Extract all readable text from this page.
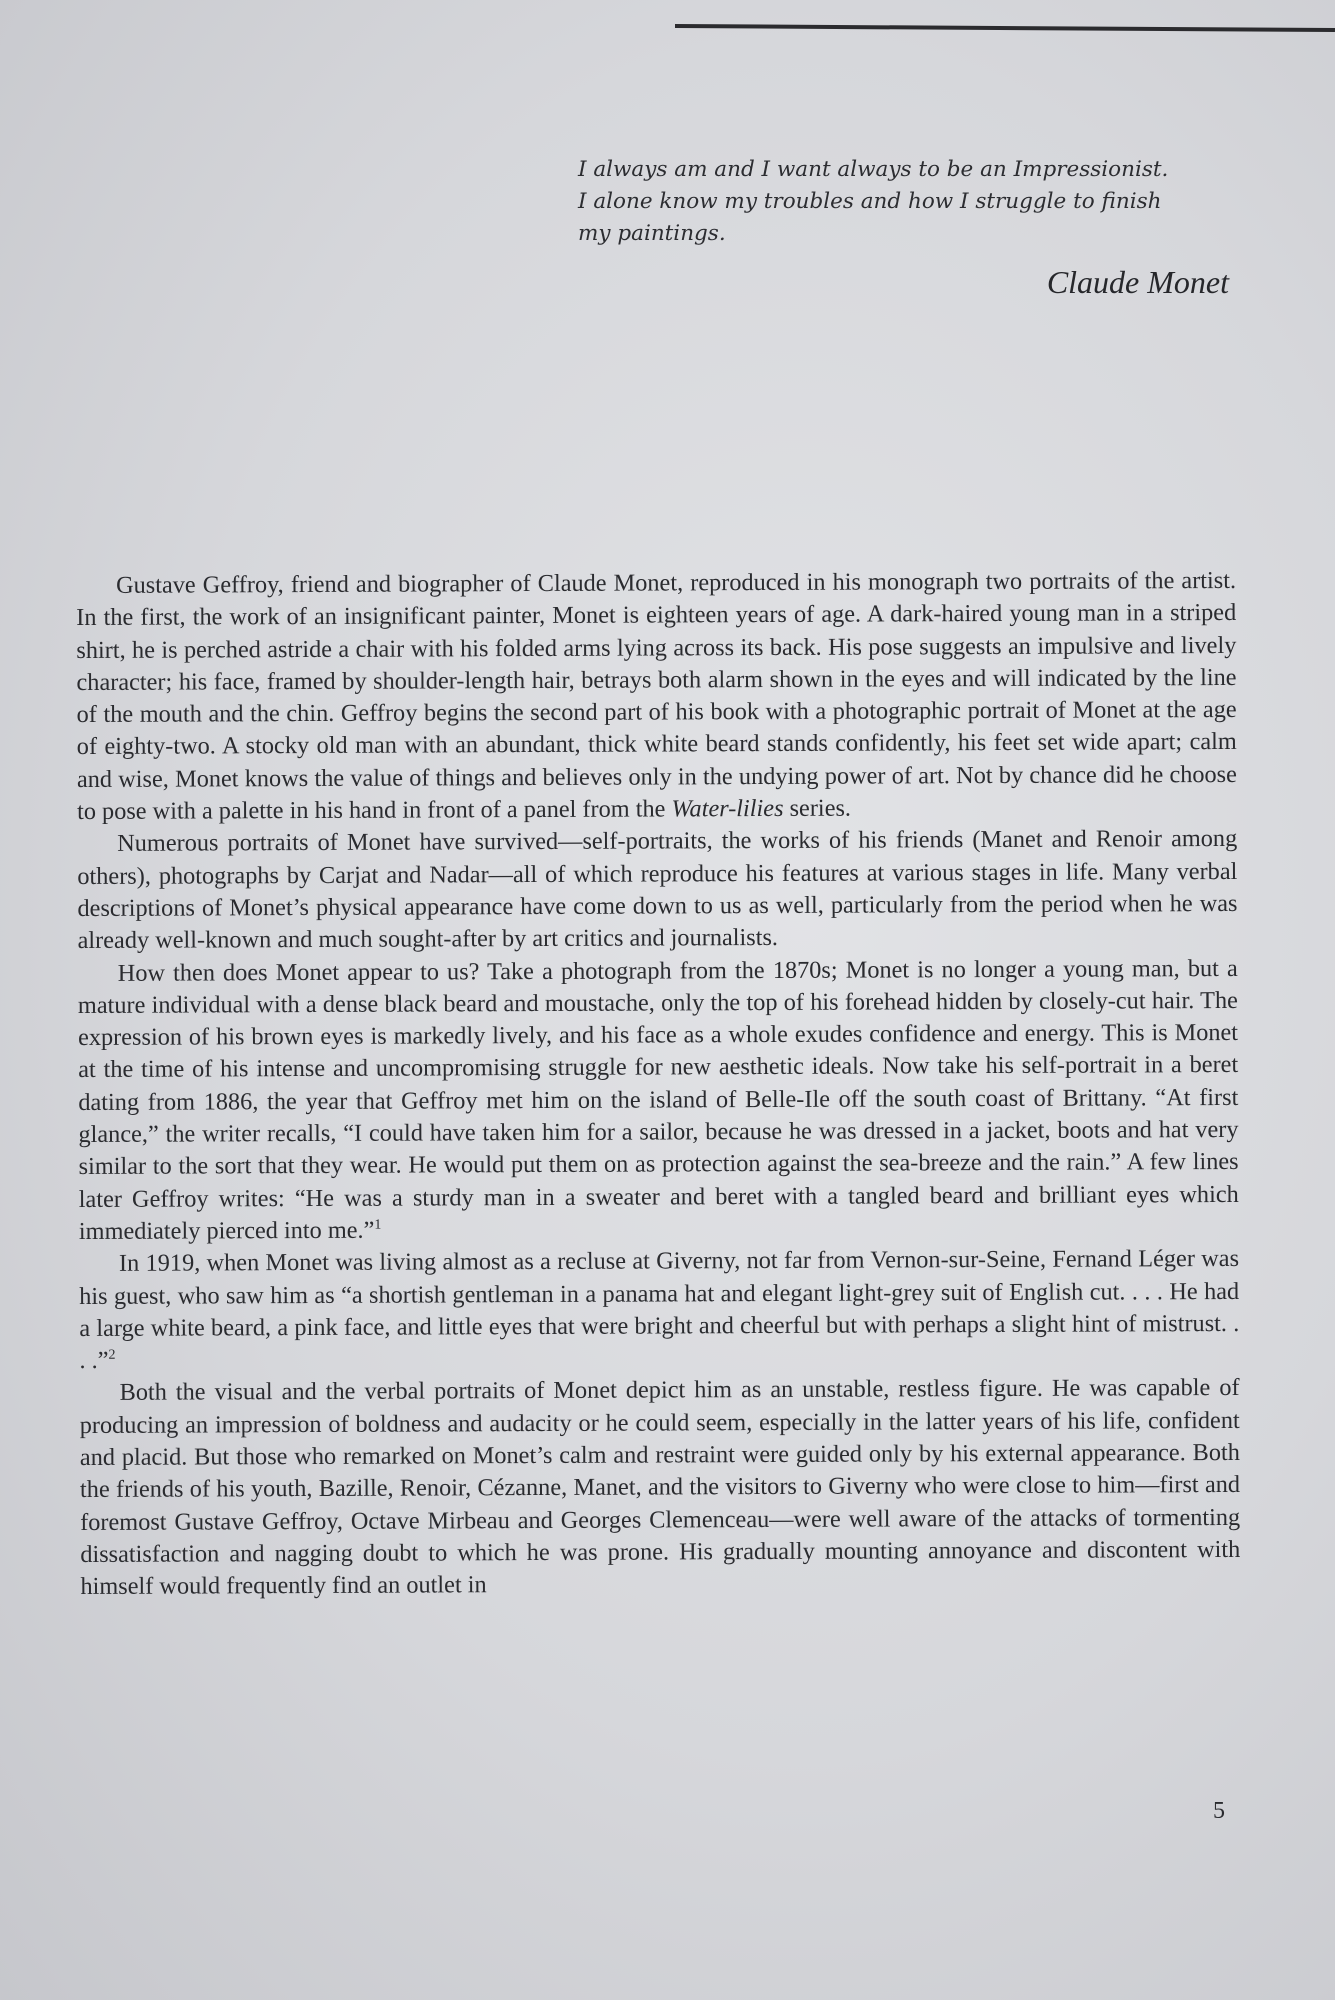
I always am and I want always to be an Impressionist.
I alone know my troubles and how I struggle to finish
my paintings.
Claude Monet

Gustave Geffroy, friend and biographer of Claude Monet, reproduced in his monograph two portraits of the artist. In the first, the work of an insignificant painter, Monet is eighteen years of age. A dark-haired young man in a striped shirt, he is perched astride a chair with his folded arms lying across its back. His pose suggests an impulsive and lively character; his face, framed by shoulder-length hair, betrays both alarm shown in the eyes and will indicated by the line of the mouth and the chin. Geffroy begins the second part of his book with a photographic portrait of Monet at the age of eighty-two. A stocky old man with an abundant, thick white beard stands confidently, his feet set wide apart; calm and wise, Monet knows the value of things and believes only in the undying power of art. Not by chance did he choose to pose with a palette in his hand in front of a panel from the Water-lilies series.

Numerous portraits of Monet have survived—self-portraits, the works of his friends (Manet and Renoir among others), photographs by Carjat and Nadar—all of which reproduce his features at various stages in life. Many verbal descriptions of Monet’s physical appearance have come down to us as well, particularly from the period when he was already well-known and much sought-after by art critics and journalists.

How then does Monet appear to us? Take a photograph from the 1870s; Monet is no longer a young man, but a mature individual with a dense black beard and moustache, only the top of his forehead hidden by closely-cut hair. The expression of his brown eyes is markedly lively, and his face as a whole exudes confidence and energy. This is Monet at the time of his intense and uncompromising struggle for new aesthetic ideals. Now take his self-portrait in a beret dating from 1886, the year that Geffroy met him on the island of Belle-Ile off the south coast of Brittany. “At first glance,” the writer recalls, “I could have taken him for a sailor, because he was dressed in a jacket, boots and hat very similar to the sort that they wear. He would put them on as protection against the sea-breeze and the rain.” A few lines later Geffroy writes: “He was a sturdy man in a sweater and beret with a tangled beard and brilliant eyes which immediately pierced into me.”$^1$

In 1919, when Monet was living almost as a recluse at Giverny, not far from Vernon-sur-Seine, Fernand Léger was his guest, who saw him as “a shortish gentleman in a panama hat and elegant light-grey suit of English cut. . . . He had a large white beard, a pink face, and little eyes that were bright and cheerful but with perhaps a slight hint of mistrust. . . .”$^2$

Both the visual and the verbal portraits of Monet depict him as an unstable, restless figure. He was capable of producing an impression of boldness and audacity or he could seem, especially in the latter years of his life, confident and placid. But those who remarked on Monet’s calm and restraint were guided only by his external appearance. Both the friends of his youth, Bazille, Renoir, Cézanne, Manet, and the visitors to Giverny who were close to him—first and foremost Gustave Geffroy, Octave Mirbeau and Georges Clemenceau—were well aware of the attacks of tormenting dissatisfaction and nagging doubt to which he was prone. His gradually mounting annoyance and discontent with himself would frequently find an outlet in

5
